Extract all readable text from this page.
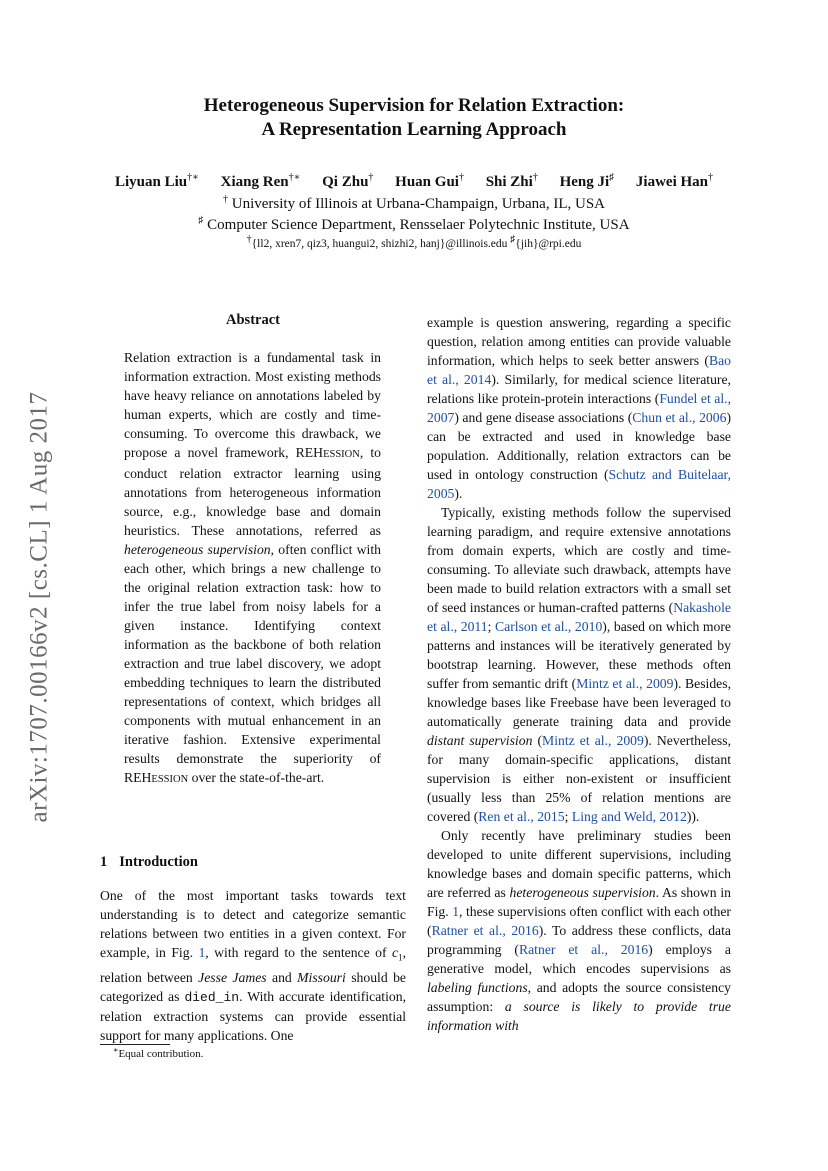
arXiv:1707.00166v2 [cs.CL] 1 Aug 2017
Heterogeneous Supervision for Relation Extraction:
A Representation Learning Approach
Liyuan Liu†∗ Xiang Ren†∗ Qi Zhu† Huan Gui† Shi Zhi† Heng Ji♯ Jiawei Han†
† University of Illinois at Urbana-Champaign, Urbana, IL, USA
♯ Computer Science Department, Rensselaer Polytechnic Institute, USA
†{ll2, xren7, qiz3, huangui2, shizhi2, hanj}@illinois.edu ♯{jih}@rpi.edu
Abstract

Relation extraction is a fundamental task in information extraction. Most existing methods have heavy reliance on annotations labeled by human experts, which are costly and time-consuming. To overcome this drawback, we propose a novel framework, REHESSION, to conduct relation extractor learning using annotations from heterogeneous information source, e.g., knowledge base and domain heuristics. These annotations, referred as heterogeneous supervision, often conflict with each other, which brings a new challenge to the original relation extraction task: how to infer the true label from noisy labels for a given instance. Identifying context information as the backbone of both relation extraction and true label discovery, we adopt embedding techniques to learn the distributed representations of context, which bridges all components with mutual enhancement in an iterative fashion. Extensive experimental results demonstrate the superiority of REHESSION over the state-of-the-art.

1 Introduction

One of the most important tasks towards text understanding is to detect and categorize semantic relations between two entities in a given context. For example, in Fig. 1, with regard to the sentence of $c_1$, relation between Jesse James and Missouri should be categorized as died_in. With accurate identification, relation extraction systems can provide essential support for many applications. One

example is question answering, regarding a specific question, relation among entities can provide valuable information, which helps to seek better answers (Bao et al., 2014). Similarly, for medical science literature, relations like protein-protein interactions (Fundel et al., 2007) and gene disease associations (Chun et al., 2006) can be extracted and used in knowledge base population. Additionally, relation extractors can be used in ontology construction (Schutz and Buitelaar, 2005).

Typically, existing methods follow the supervised learning paradigm, and require extensive annotations from domain experts, which are costly and time-consuming. To alleviate such drawback, attempts have been made to build relation extractors with a small set of seed instances or human-crafted patterns (Nakashole et al., 2011; Carlson et al., 2010), based on which more patterns and instances will be iteratively generated by bootstrap learning. However, these methods often suffer from semantic drift (Mintz et al., 2009). Besides, knowledge bases like Freebase have been leveraged to automatically generate training data and provide distant supervision (Mintz et al., 2009). Nevertheless, for many domain-specific applications, distant supervision is either non-existent or insufficient (usually less than 25% of relation mentions are covered (Ren et al., 2015; Ling and Weld, 2012)).

Only recently have preliminary studies been developed to unite different supervisions, including knowledge bases and domain specific patterns, which are referred as heterogeneous supervision. As shown in Fig. 1, these supervisions often conflict with each other (Ratner et al., 2016). To address these conflicts, data programming (Ratner et al., 2016) employs a generative model, which encodes supervisions as labeling functions, and adopts the source consistency assumption: a source is likely to provide true information with

∗Equal contribution.
